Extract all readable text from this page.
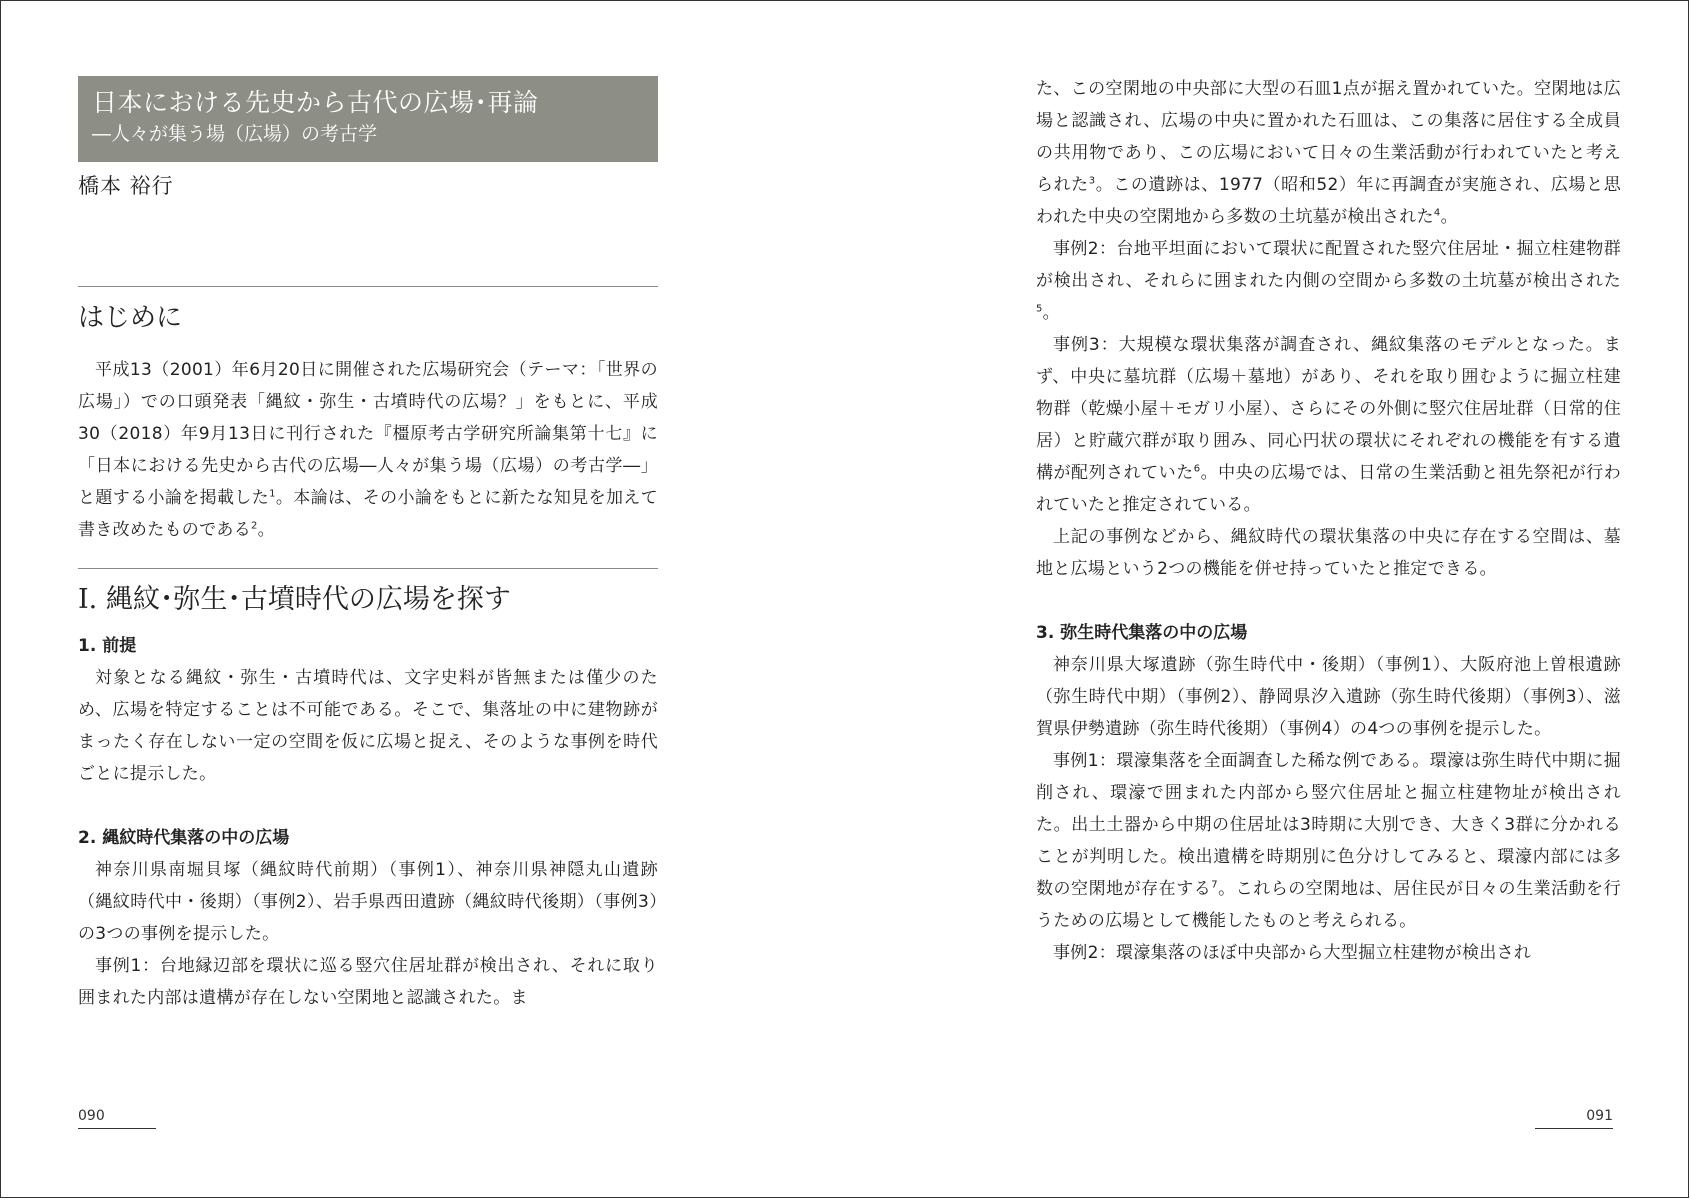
日本における先史から古代の広場･再論
―人々が集う場（広場）の考古学
橋本 裕行
はじめに

平成13（2001）年6月20日に開催された広場研究会（テーマ：「世界の広場」）での口頭発表「縄紋・弥生・古墳時代の広場？」をもとに、平成30（2018）年9月13日に刊行された『橿原考古学研究所論集第十七』に「日本における先史から古代の広場―人々が集う場（広場）の考古学―」と題する小論を掲載した$^1$。本論は、その小論をもとに新たな知見を加えて書き改めたものである$^2$。

Ⅰ. 縄紋･弥生･古墳時代の広場を探す
1. 前提

対象となる縄紋・弥生・古墳時代は、文字史料が皆無または僅少のため、広場を特定することは不可能である。そこで、集落址の中に建物跡がまったく存在しない一定の空間を仮に広場と捉え、そのような事例を時代ごとに提示した。

2. 縄紋時代集落の中の広場

神奈川県南堀貝塚（縄紋時代前期）（事例1）、神奈川県神隠丸山遺跡（縄紋時代中・後期）（事例2）、岩手県西田遺跡（縄紋時代後期）（事例3）の3つの事例を提示した。

事例1：台地縁辺部を環状に巡る竪穴住居址群が検出され、それに取り囲まれた内部は遺構が存在しない空閑地と認識された。ま

090

た、この空閑地の中央部に大型の石皿1点が据え置かれていた。空閑地は広場と認識され、広場の中央に置かれた石皿は、この集落に居住する全成員の共用物であり、この広場において日々の生業活動が行われていたと考えられた$^3$。この遺跡は、1977（昭和52）年に再調査が実施され、広場と思われた中央の空閑地から多数の土坑墓が検出された$^4$。

事例2：台地平坦面において環状に配置された竪穴住居址・掘立柱建物群が検出され、それらに囲まれた内側の空間から多数の土坑墓が検出された$^5$。

事例3：大規模な環状集落が調査され、縄紋集落のモデルとなった。まず、中央に墓坑群（広場＋墓地）があり、それを取り囲むように掘立柱建物群（乾燥小屋＋モガリ小屋）、さらにその外側に竪穴住居址群（日常的住居）と貯蔵穴群が取り囲み、同心円状の環状にそれぞれの機能を有する遺構が配列されていた$^6$。中央の広場では、日常の生業活動と祖先祭祀が行われていたと推定されている。

上記の事例などから、縄紋時代の環状集落の中央に存在する空間は、墓地と広場という2つの機能を併せ持っていたと推定できる。

3. 弥生時代集落の中の広場

神奈川県大塚遺跡（弥生時代中・後期）（事例1）、大阪府池上曽根遺跡（弥生時代中期）（事例2）、静岡県汐入遺跡（弥生時代後期）（事例3）、滋賀県伊勢遺跡（弥生時代後期）（事例4）の4つの事例を提示した。

事例1：環濠集落を全面調査した稀な例である。環濠は弥生時代中期に掘削され、環濠で囲まれた内部から竪穴住居址と掘立柱建物址が検出された。出土土器から中期の住居址は3時期に大別でき、大きく3群に分かれることが判明した。検出遺構を時期別に色分けしてみると、環濠内部には多数の空閑地が存在する$^7$。これらの空閑地は、居住民が日々の生業活動を行うための広場として機能したものと考えられる。

事例2：環濠集落のほぼ中央部から大型掘立柱建物が検出され

091
